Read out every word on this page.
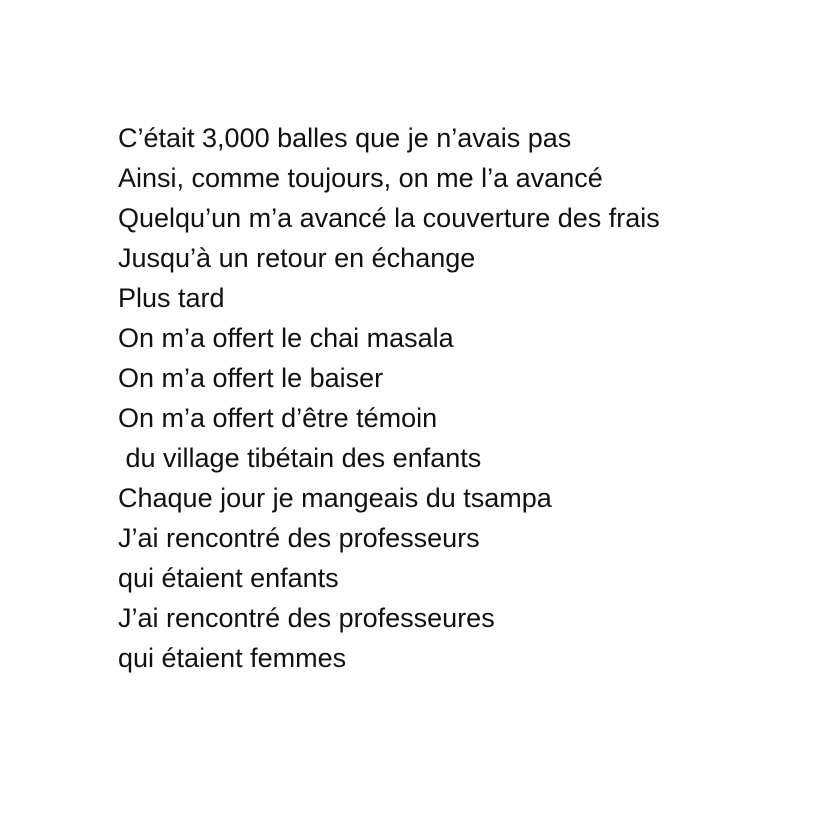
C’était 3,000 balles que je n’avais pas

Ainsi, comme toujours, on me l’a avancé

Quelqu’un m’a avancé la couverture des frais

Jusqu’à un retour en échange

Plus tard

On m’a offert le chai masala

On m’a offert le baiser

On m’a offert d’être témoin

du village tibétain des enfants

Chaque jour je mangeais du tsampa

J’ai rencontré des professeurs

qui étaient enfants

J’ai rencontré des professeures

qui étaient femmes
